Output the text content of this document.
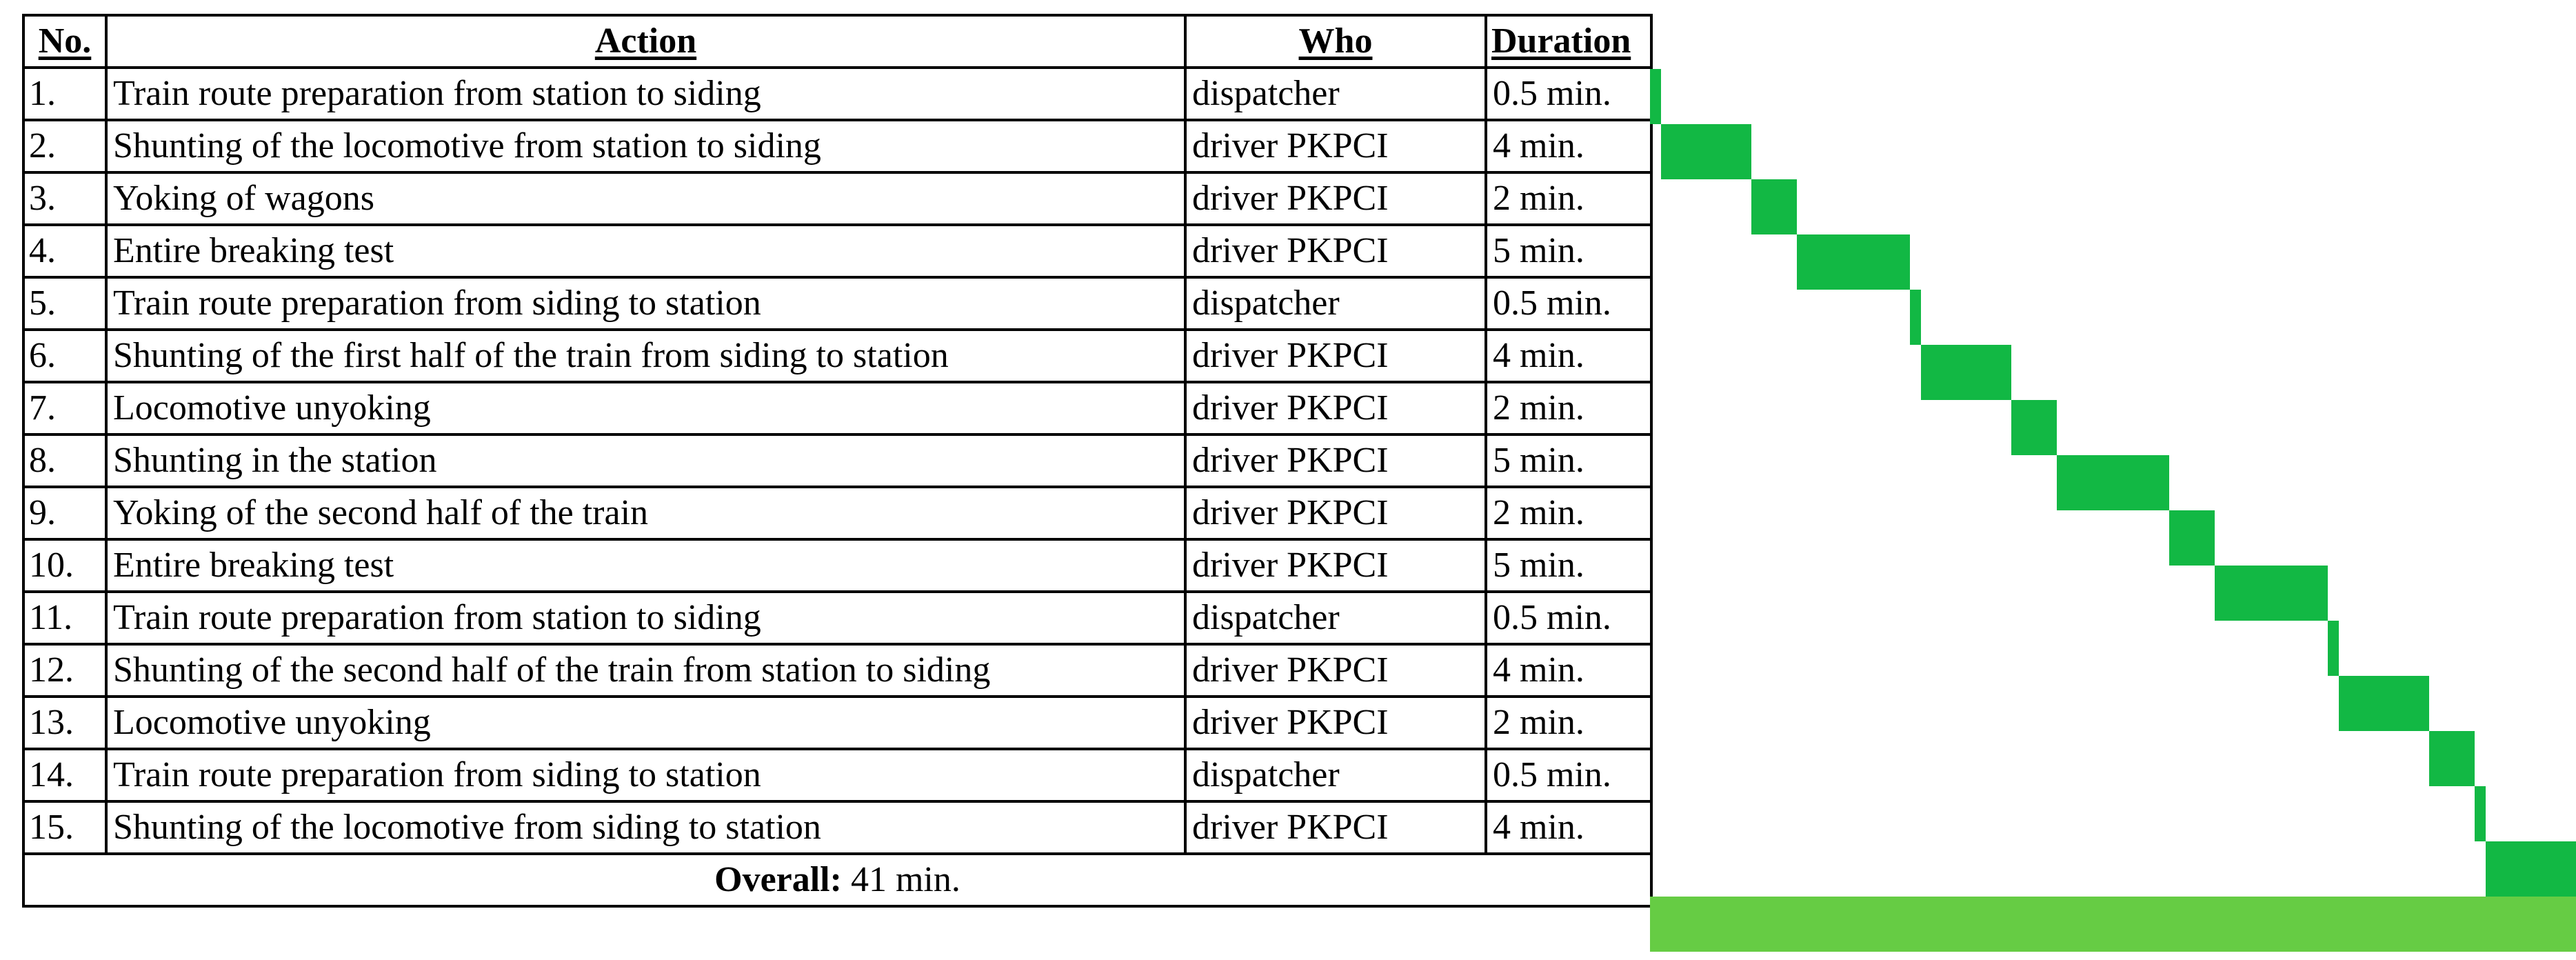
No.	Action	Who	Duration
1.	Train route preparation from station to siding	dispatcher	0.5 min.
2.	Shunting of the locomotive from station to siding	driver PKPCI	4 min.
3.	Yoking of wagons	driver PKPCI	2 min.
4.	Entire breaking test	driver PKPCI	5 min.
5.	Train route preparation from siding to station	dispatcher	0.5 min.
6.	Shunting of the first half of the train from siding to station	driver PKPCI	4 min.
7.	Locomotive unyoking	driver PKPCI	2 min.
8.	Shunting in the station	driver PKPCI	5 min.
9.	Yoking of the second half of the train	driver PKPCI	2 min.
10.	Entire breaking test	driver PKPCI	5 min.
11.	Train route preparation from station to siding	dispatcher	0.5 min.
12.	Shunting of the second half of the train from station to siding	driver PKPCI	4 min.
13.	Locomotive unyoking	driver PKPCI	2 min.
14.	Train route preparation from siding to station	dispatcher	0.5 min.
15.	Shunting of the locomotive from siding to station	driver PKPCI	4 min.
Overall: 41 min.			
